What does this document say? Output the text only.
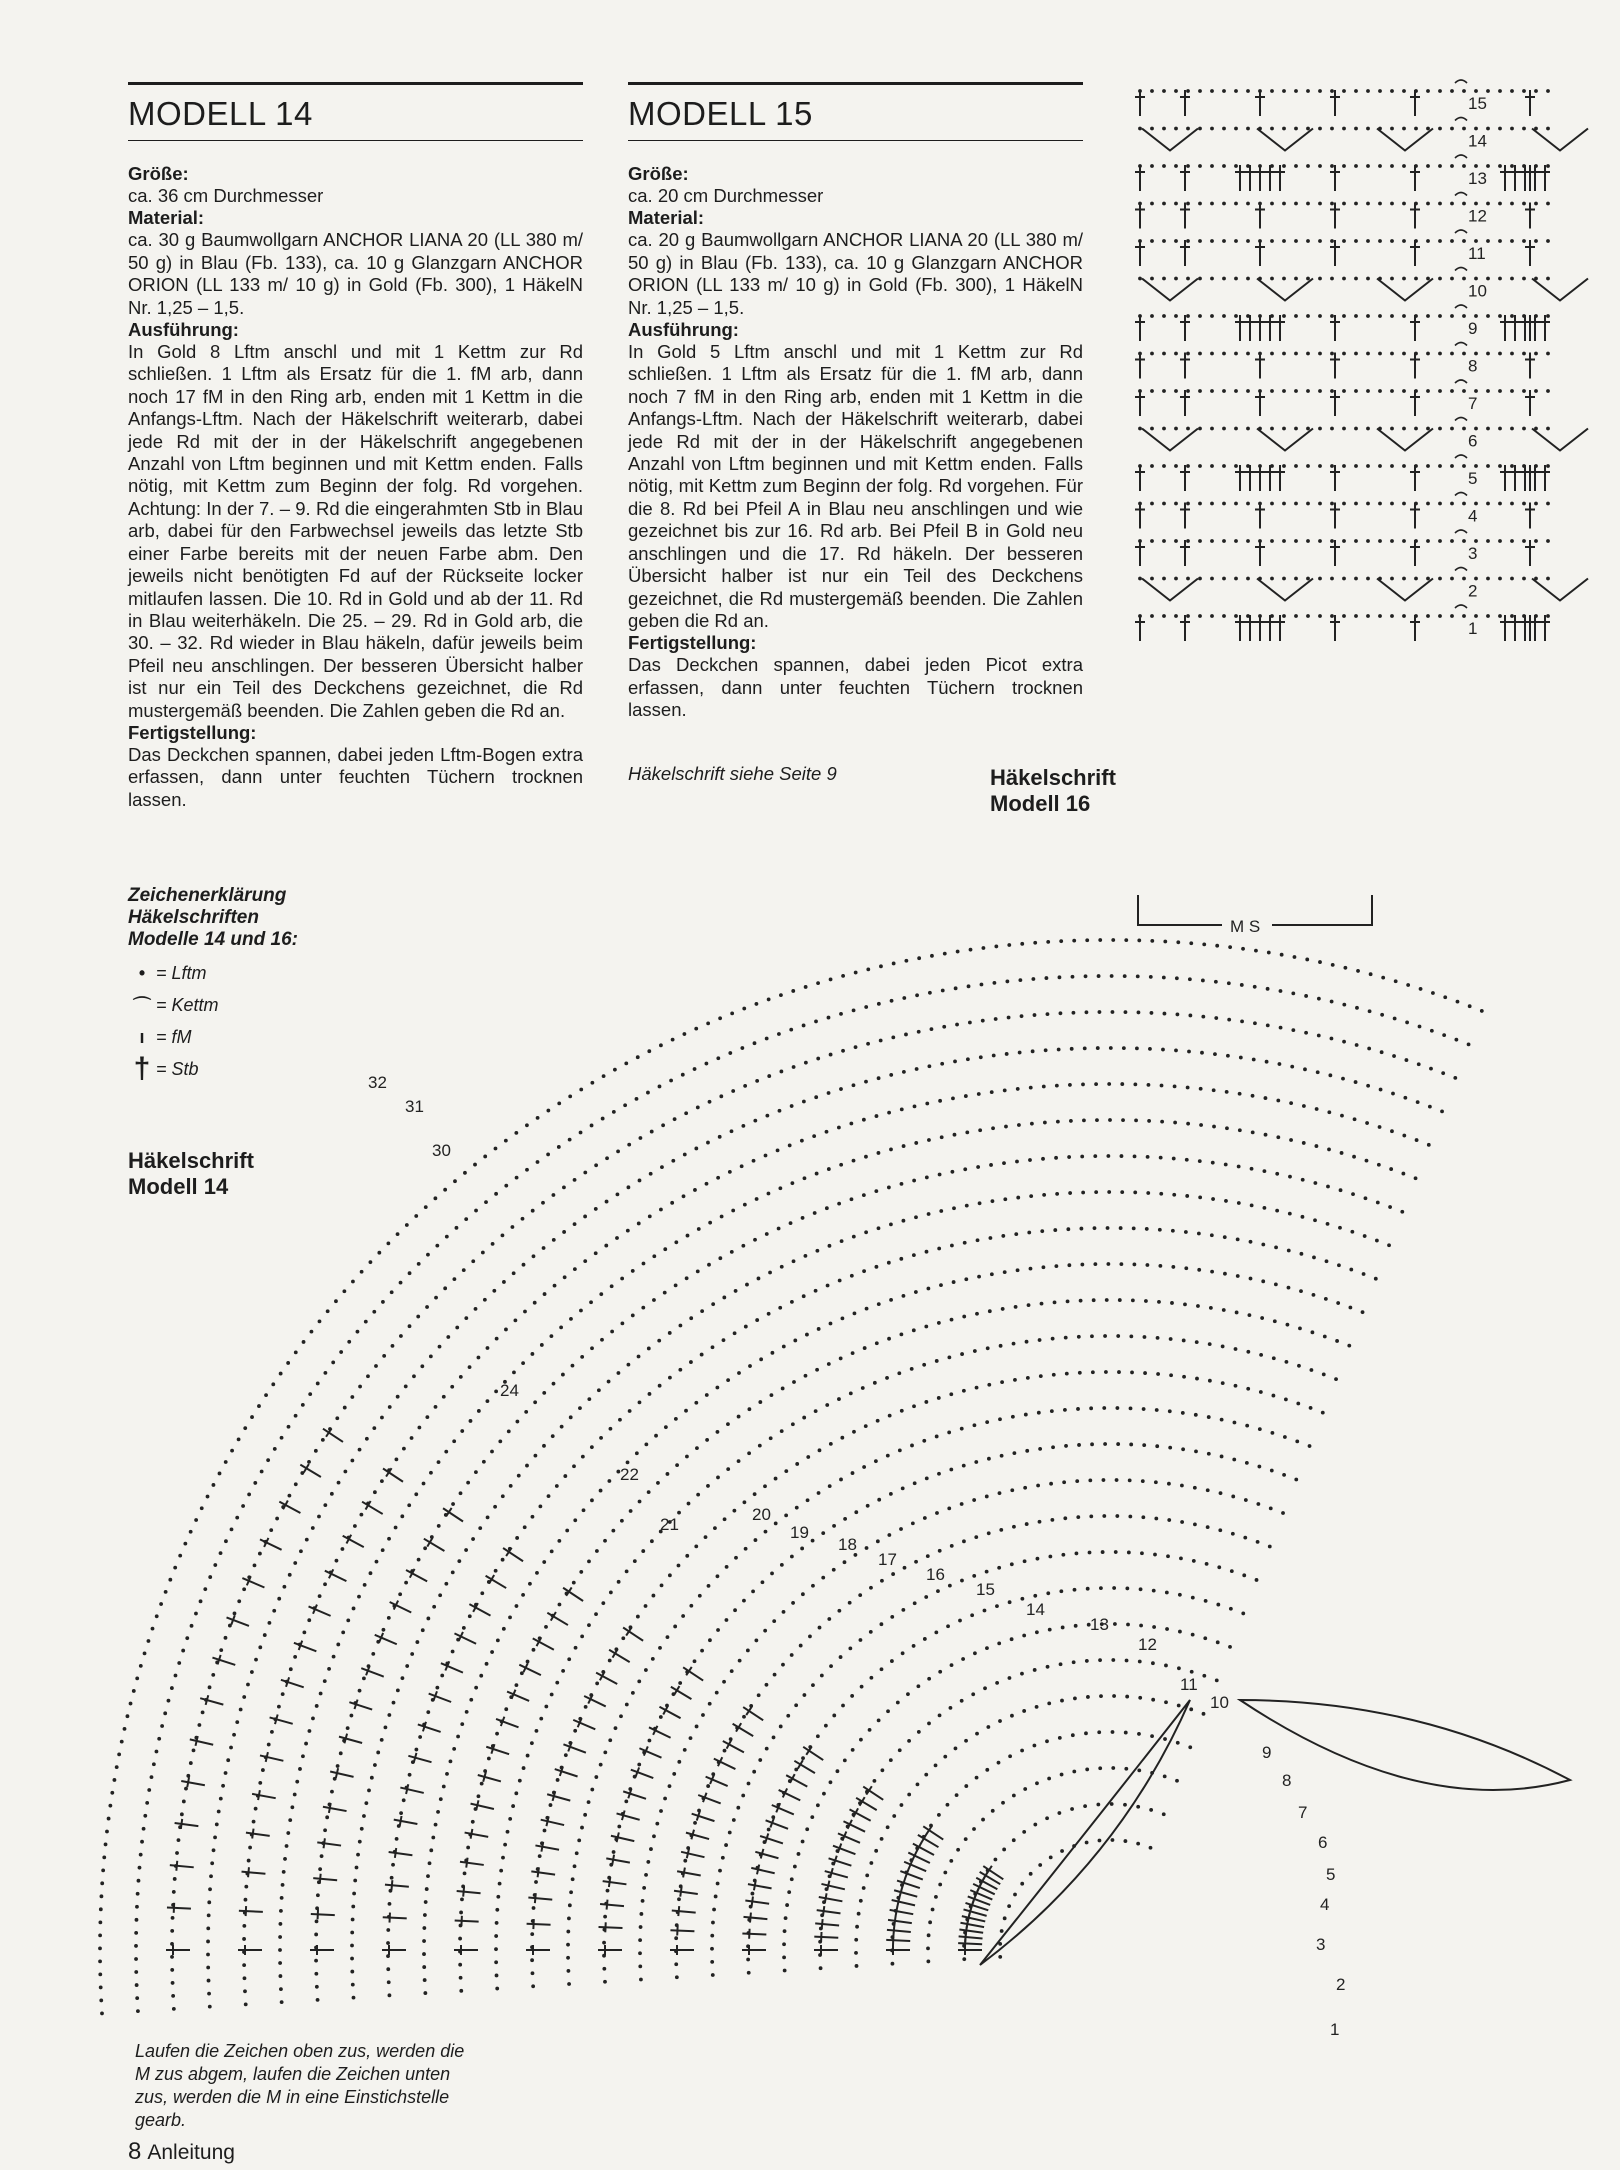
MODELL 14
Größe:
ca. 36 cm Durchmesser
Material:
ca. 30 g Baumwollgarn ANCHOR LIANA 20 (LL 380 m/ 50 g) in Blau (Fb. 133), ca. 10 g Glanzgarn ANCHOR ORION (LL 133 m/ 10 g) in Gold (Fb. 300), 1 HäkelN Nr. 1,25 – 1,5.
Ausführung:
In Gold 8 Lftm anschl und mit 1 Kettm zur Rd schließen. 1 Lftm als Ersatz für die 1. fM arb, dann noch 17 fM in den Ring arb, enden mit 1 Kettm in die Anfangs-Lftm. Nach der Häkelschrift weiterarb, dabei jede Rd mit der in der Häkelschrift angegebenen Anzahl von Lftm beginnen und mit Kettm enden. Falls nötig, mit Kettm zum Beginn der folg. Rd vorgehen. Achtung: In der 7. – 9. Rd die eingerahmten Stb in Blau arb, dabei für den Farbwechsel jeweils das letzte Stb einer Farbe bereits mit der neuen Farbe abm. Den jeweils nicht benötigten Fd auf der Rückseite locker mitlaufen lassen. Die 10. Rd in Gold und ab der 11. Rd in Blau weiterhäkeln. Die 25. – 29. Rd in Gold arb, die 30. – 32. Rd wieder in Blau häkeln, dafür jeweils beim Pfeil neu anschlingen. Der besseren Übersicht halber ist nur ein Teil des Deckchens gezeichnet, die Rd mustergemäß beenden. Die Zahlen geben die Rd an.
Fertigstellung:
Das Deckchen spannen, dabei jeden Lftm-Bogen extra erfassen, dann unter feuchten Tüchern trocknen lassen.
MODELL 15
Größe:
ca. 20 cm Durchmesser
Material:
ca. 20 g Baumwollgarn ANCHOR LIANA 20 (LL 380 m/ 50 g) in Blau (Fb. 133), ca. 10 g Glanzgarn ANCHOR ORION (LL 133 m/ 10 g) in Gold (Fb. 300), 1 HäkelN Nr. 1,25 – 1,5.
Ausführung:
In Gold 5 Lftm anschl und mit 1 Kettm zur Rd schließen. 1 Lftm als Ersatz für die 1. fM arb, dann noch 7 fM in den Ring arb, enden mit 1 Kettm in die Anfangs-Lftm. Nach der Häkelschrift weiterarb, dabei jede Rd mit der in der Häkelschrift angegebenen Anzahl von Lftm beginnen und mit Kettm enden. Falls nötig, mit Kettm zum Beginn der folg. Rd vorgehen. Für die 8. Rd bei Pfeil A in Blau neu anschlingen und wie gezeichnet bis zur 16. Rd arb. Bei Pfeil B in Gold neu anschlingen und die 17. Rd häkeln. Der besseren Übersicht halber ist nur ein Teil des Deckchens gezeichnet, die Rd mustergemäß beenden. Die Zahlen geben die Rd an.
Fertigstellung:
Das Deckchen spannen, dabei jeden Picot extra erfassen, dann unter feuchten Tüchern trocknen lassen.
Häkelschrift siehe Seite 9
Zeichenerklärung
Häkelschriften
Modelle 14 und 16:
• = Lftm
⌒ = Kettm
ı = fM
† = Stb
Häkelschrift
Modell 14
Häkelschrift
Modell 16
15
14
13
12
11
10
9
8
7
6
5
4
3
2
1
M S
32
31
30
24
22
21
20
19
18
17
16
15
14
13
12
11
10
9
8
7
6
5
4
3
2
1
Laufen die Zeichen oben zus, werden die M zus abgem, laufen die Zeichen unten zus, werden die M in eine Einstichstelle gearb.
8 Anleitung
